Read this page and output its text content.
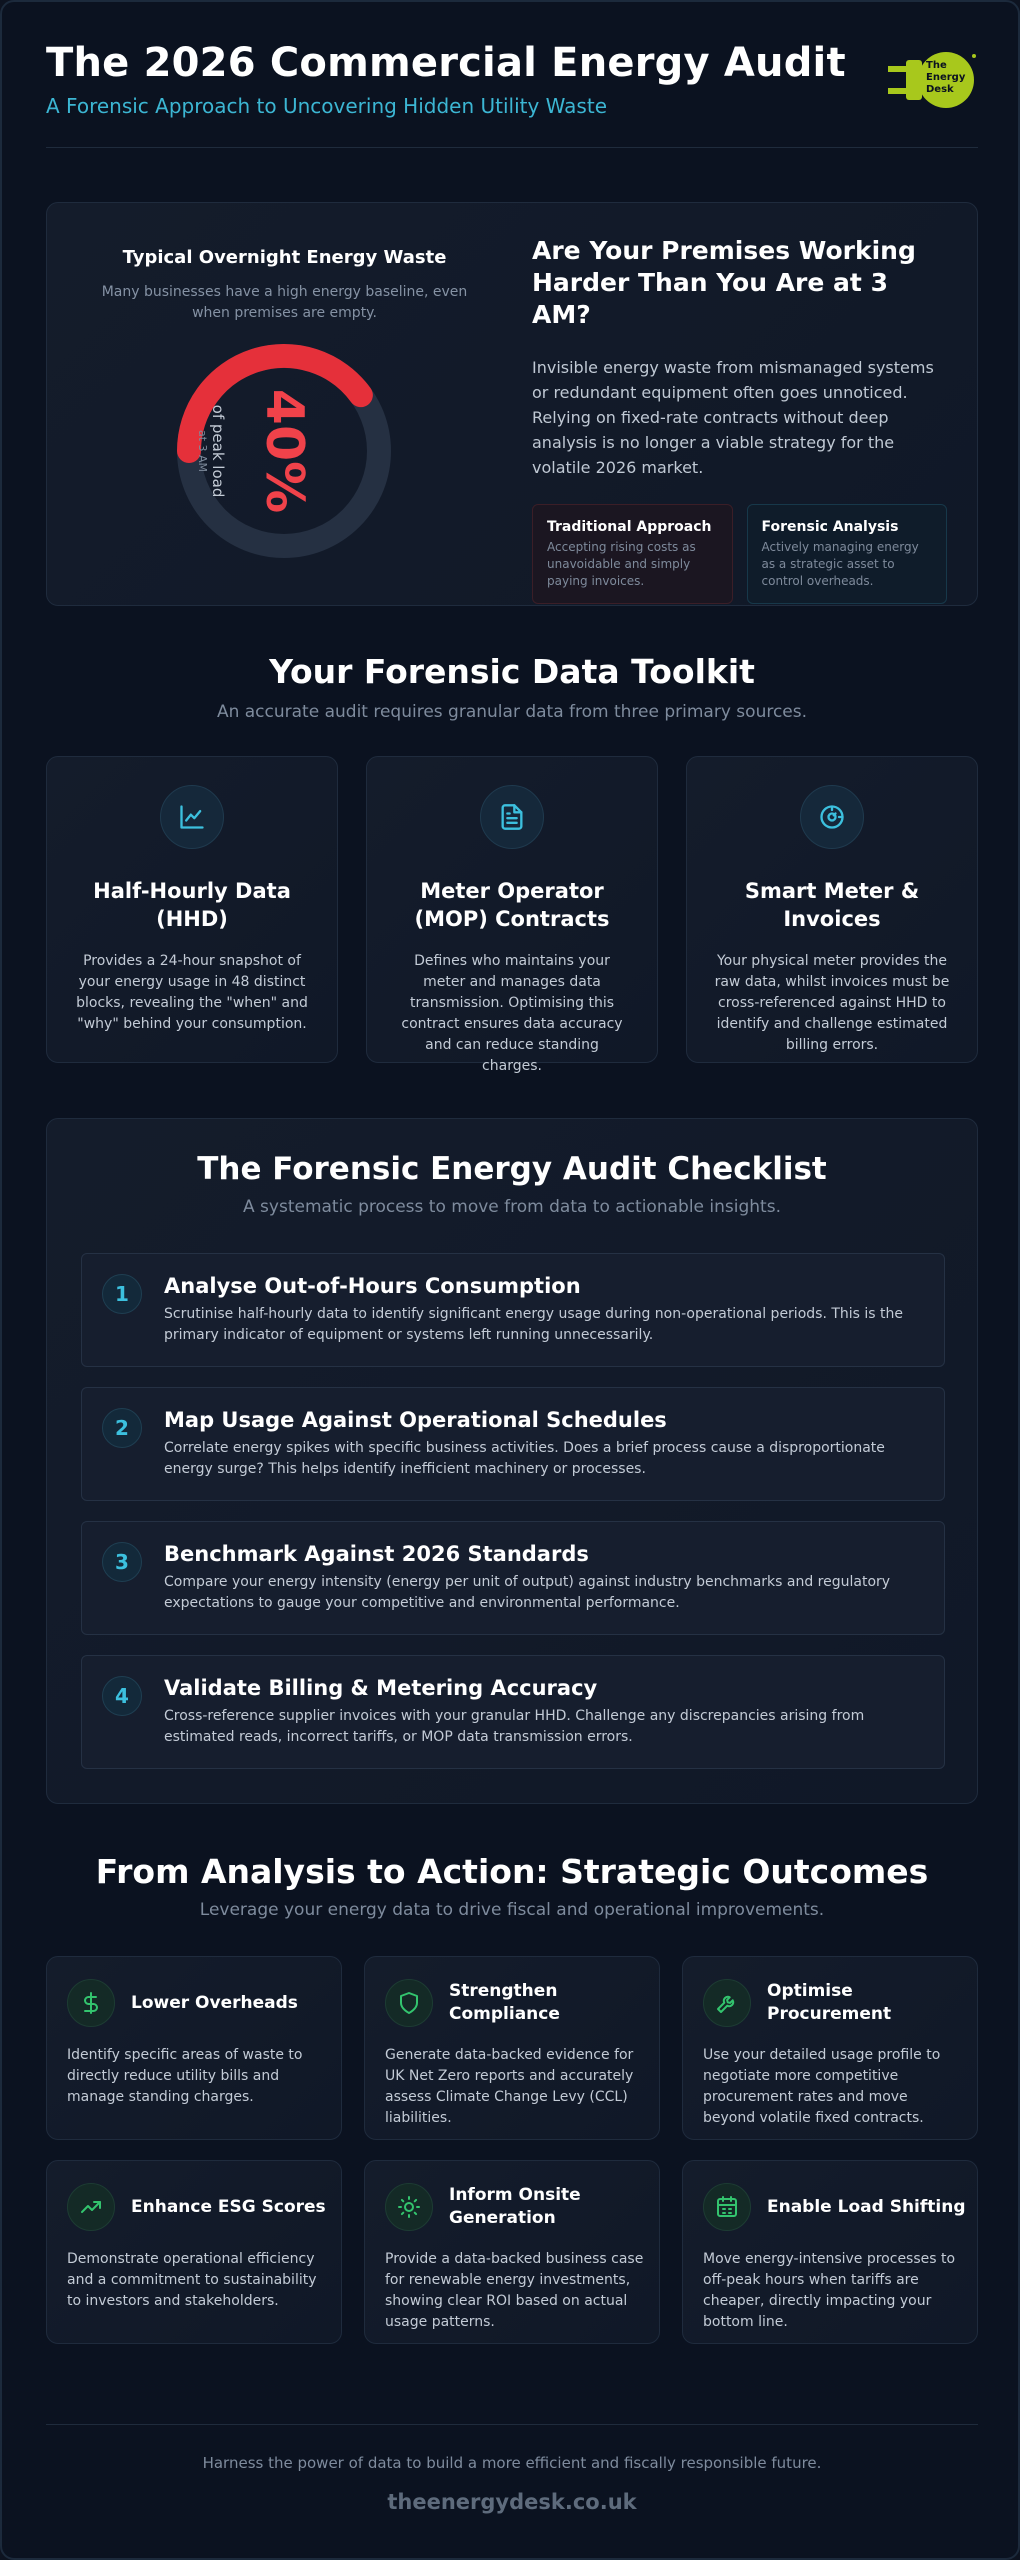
The 2026 Commercial Energy Audit
A Forensic Approach to Uncovering Hidden Utility Waste
The
Energy
Desk
Typical Overnight Energy Waste

Many businesses have a high energy baseline, even when premises are empty.

40%
of peak load
at 3 AM
Are Your Premises Working Harder Than You Are at 3 AM?

Invisible energy waste from mismanaged systems or redundant equipment often goes unnoticed. Relying on fixed-rate contracts without deep analysis is no longer a viable strategy for the volatile 2026 market.

Traditional Approach

Accepting rising costs as unavoidable and simply paying invoices.

Forensic Analysis

Actively managing energy as a strategic asset to control overheads.

Your Forensic Data Toolkit
An accurate audit requires granular data from three primary sources.
Half-Hourly Data (HHD)

Provides a 24-hour snapshot of your energy usage in 48 distinct blocks, revealing the "when" and "why" behind your consumption.

Meter Operator (MOP) Contracts

Defines who maintains your meter and manages data transmission. Optimising this contract ensures data accuracy and can reduce standing charges.

Smart Meter & Invoices

Your physical meter provides the raw data, whilst invoices must be cross-referenced against HHD to identify and challenge estimated billing errors.

The Forensic Energy Audit Checklist
A systematic process to move from data to actionable insights.
1	Analyse Out-of-Hours Consumption

Scrutinise half-hourly data to identify significant energy usage during non-operational periods. This is the primary indicator of equipment or systems left running unnecessarily.

2	Map Usage Against Operational Schedules

Correlate energy spikes with specific business activities. Does a brief process cause a disproportionate energy surge? This helps identify inefficient machinery or processes.

3	Benchmark Against 2026 Standards

Compare your energy intensity (energy per unit of output) against industry benchmarks and regulatory expectations to gauge your competitive and environmental performance.

4	Validate Billing & Metering Accuracy

Cross-reference supplier invoices with your granular HHD. Challenge any discrepancies arising from estimated reads, incorrect tariffs, or MOP data transmission errors.

From Analysis to Action: Strategic Outcomes
Leverage your energy data to drive fiscal and operational improvements.
Lower Overheads

Identify specific areas of waste to directly reduce utility bills and manage standing charges.

Strengthen Compliance

Generate data-backed evidence for UK Net Zero reports and accurately assess Climate Change Levy (CCL) liabilities.

Optimise Procurement

Use your detailed usage profile to negotiate more competitive procurement rates and move beyond volatile fixed contracts.

Enhance ESG Scores

Demonstrate operational efficiency and a commitment to sustainability to investors and stakeholders.

Inform Onsite Generation

Provide a data-backed business case for renewable energy investments, showing clear ROI based on actual usage patterns.

Enable Load Shifting

Move energy-intensive processes to off-peak hours when tariffs are cheaper, directly impacting your bottom line.

Harness the power of data to build a more efficient and fiscally responsible future.
theenergydesk.co.uk
